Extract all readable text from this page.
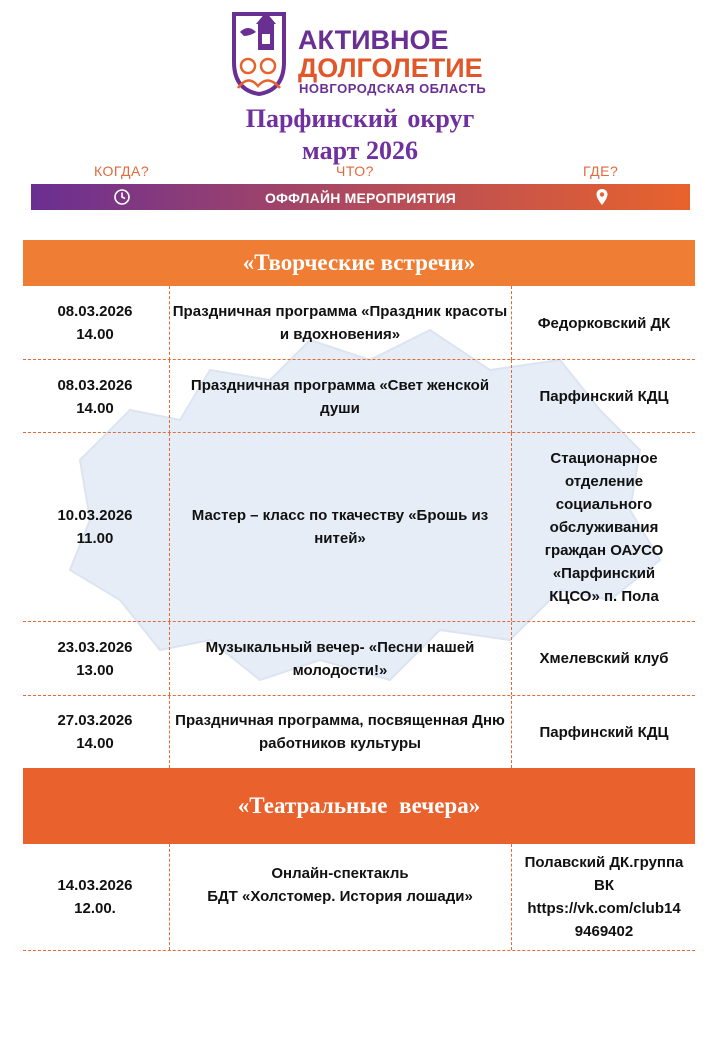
АКТИВНОЕ
ДОЛГОЛЕТИЕ
НОВГОРОДСКАЯ ОБЛАСТЬ
Парфинский округ
март 2026
КОГДА?	ЧТО?	ГДЕ?
ОФФЛАЙН МЕРОПРИЯТИЯ
«Творческие встречи»
08.03.2026
14.00
Праздничная программа «Праздник красоты и вдохновения»
Федорковский ДК
08.03.2026
14.00
Праздничная программа «Свет женской души
Парфинский КДЦ
10.03.2026
11.00
Мастер – класс по ткачеству «Брошь из нитей»
Стационарное отделение социального обслуживания граждан ОАУСО «Парфинский КЦСО» п. Пола
23.03.2026
13.00
Музыкальный вечер- «Песни нашей молодости!»
Хмелевский клуб
27.03.2026
14.00
Праздничная программа, посвященная Дню работников культуры
Парфинский КДЦ
«Театральные вечера»
14.03.2026
12.00.
Онлайн-спектакль
БДТ «Холстомер. История лошади»
Полавский ДК.группа ВК
https://vk.com/club14
9469402
